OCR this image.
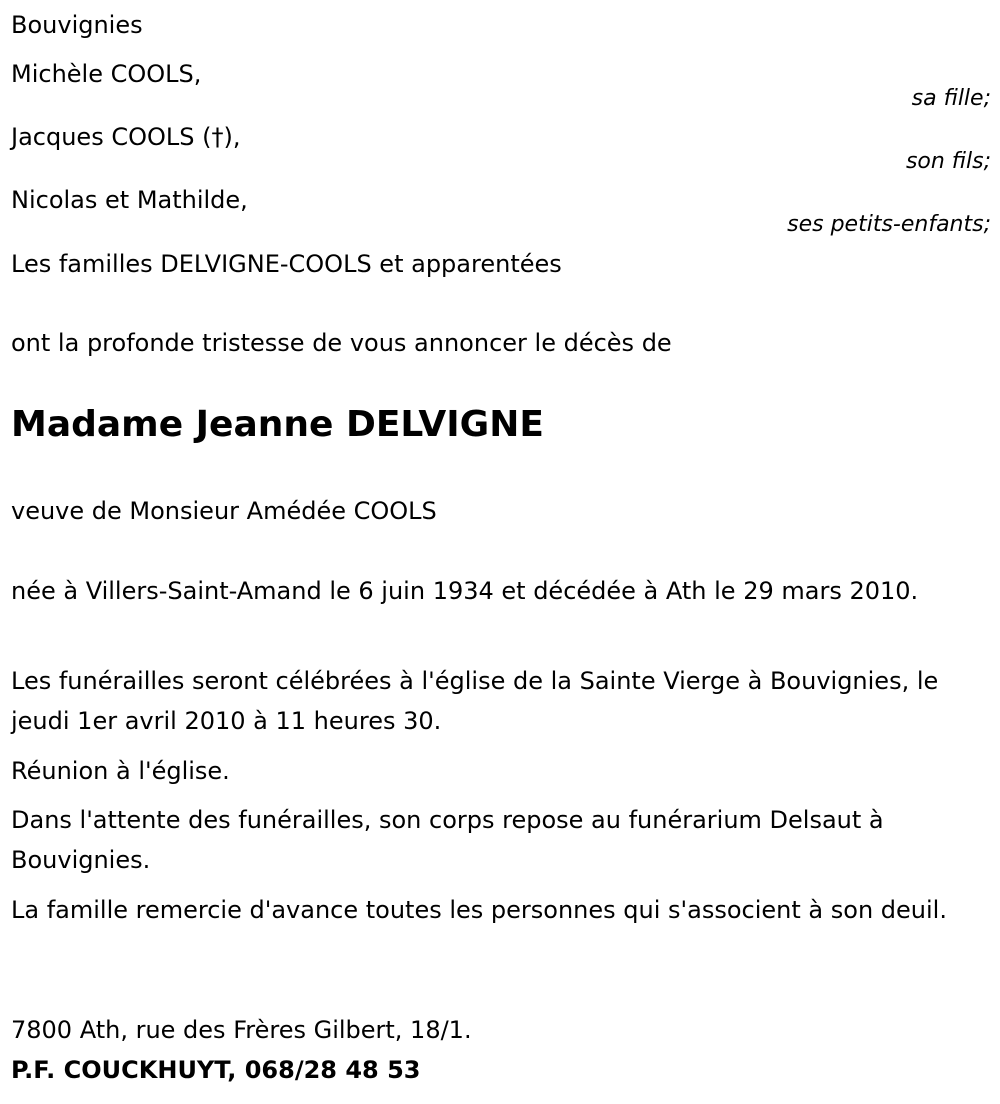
Bouvignies
Michèle COOLS,
sa fille;
Jacques COOLS (†),
son fils;
Nicolas et Mathilde,
ses petits-enfants;
Les familles DELVIGNE-COOLS et apparentées
ont la profonde tristesse de vous annoncer le décès de
Madame Jeanne DELVIGNE
veuve de Monsieur Amédée COOLS
née à Villers-Saint-Amand le 6 juin 1934 et décédée à Ath le 29 mars 2010.
Les funérailles seront célébrées à l'église de la Sainte Vierge à Bouvignies, le jeudi 1er avril 2010 à 11 heures 30.
Réunion à l'église.
Dans l'attente des funérailles, son corps repose au funérarium Delsaut à Bouvignies.
La famille remercie d'avance toutes les personnes qui s'associent à son deuil.
7800 Ath, rue des Frères Gilbert, 18/1.
P.F. COUCKHUYT, 068/28 48 53
